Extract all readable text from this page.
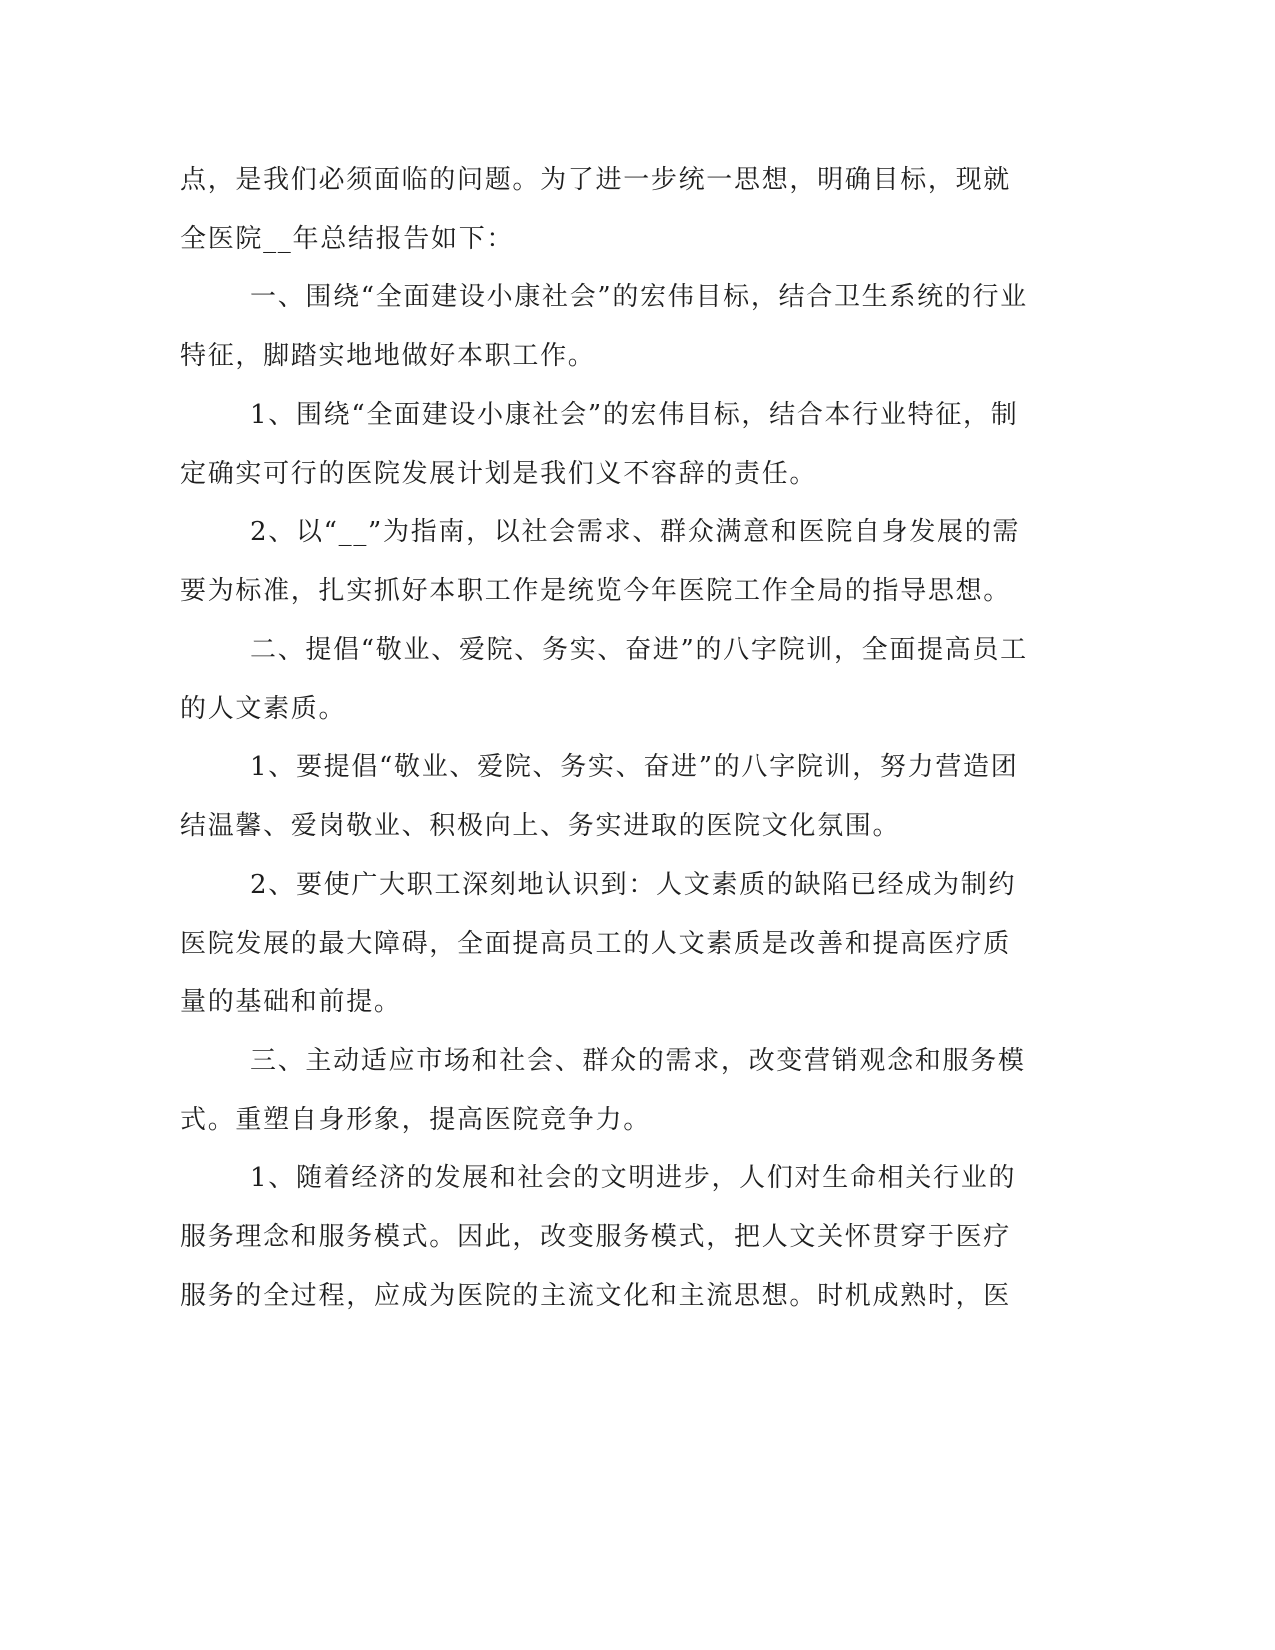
点，是我们必须面临的问题。为了进一步统一思想，明确目标，现就
全医院__年总结报告如下：
一、围绕“全面建设小康社会”的宏伟目标，结合卫生系统的行业
特征，脚踏实地地做好本职工作。
1、围绕“全面建设小康社会”的宏伟目标，结合本行业特征，制
定确实可行的医院发展计划是我们义不容辞的责任。
2、以“__”为指南，以社会需求、群众满意和医院自身发展的需
要为标准，扎实抓好本职工作是统览今年医院工作全局的指导思想。
二、提倡“敬业、爱院、务实、奋进”的八字院训，全面提高员工
的人文素质。
1、要提倡“敬业、爱院、务实、奋进”的八字院训，努力营造团
结温馨、爱岗敬业、积极向上、务实进取的医院文化氛围。
2、要使广大职工深刻地认识到：人文素质的缺陷已经成为制约
医院发展的最大障碍，全面提高员工的人文素质是改善和提高医疗质
量的基础和前提。
三、主动适应市场和社会、群众的需求，改变营销观念和服务模
式。重塑自身形象，提高医院竞争力。
1、随着经济的发展和社会的文明进步，人们对生命相关行业的
服务理念和服务模式。因此，改变服务模式，把人文关怀贯穿于医疗
服务的全过程，应成为医院的主流文化和主流思想。时机成熟时，医
